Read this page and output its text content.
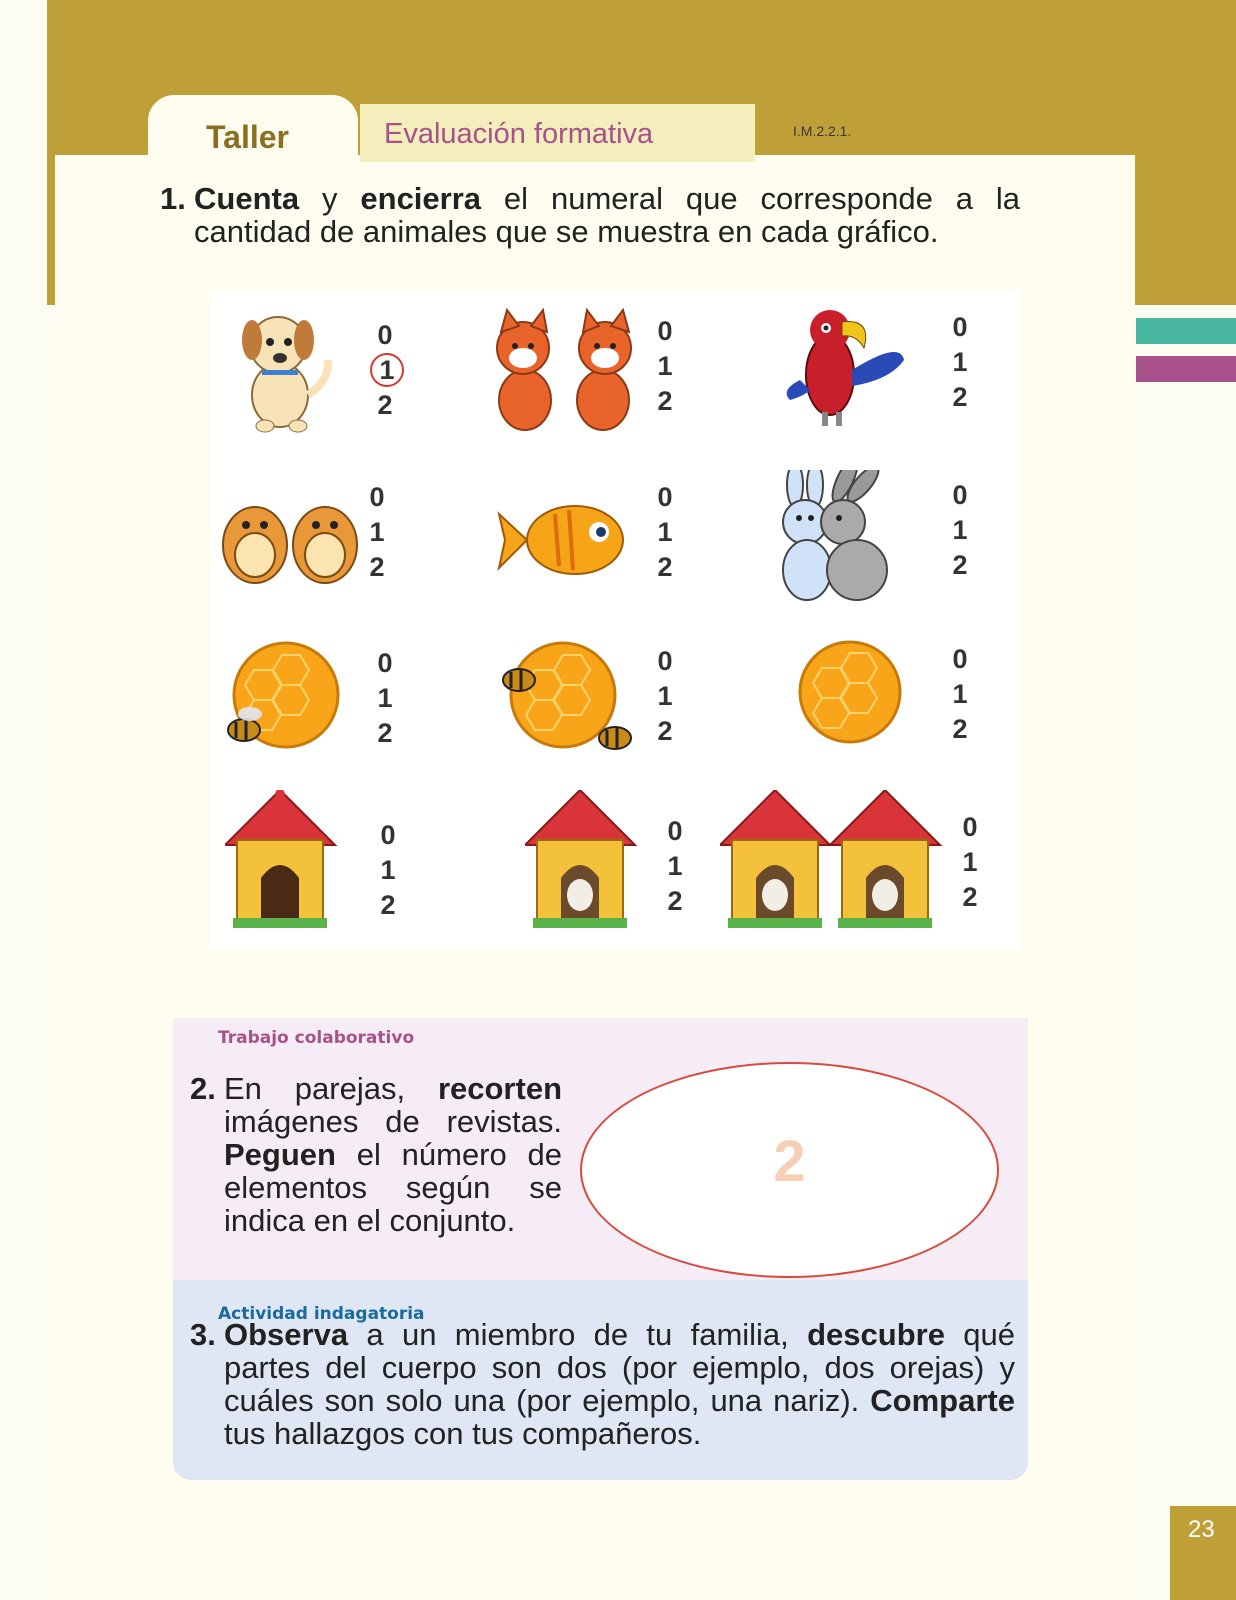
Taller	Evaluación formativa	I.M.2.2.1.
1. Cuenta y encierra el numeral que corresponde a la cantidad de animales que se muestra en cada gráfico.
0
1
2
0
1
2
0
1
2
0
1
2
0
1
2
0
1
2
0
1
2
0
1
2
0
1
2
0
1
2
0
1
2
0
1
2
Trabajo colaborativo
2. En parejas, recorten imágenes de revistas. Peguen el número de elementos según se indica en el conjunto.
2
Actividad indagatoria
3. Observa a un miembro de tu familia, descubre qué partes del cuerpo son dos (por ejemplo, dos orejas) y cuáles son solo una (por ejemplo, una nariz). Comparte tus hallazgos con tus compañeros.
23
